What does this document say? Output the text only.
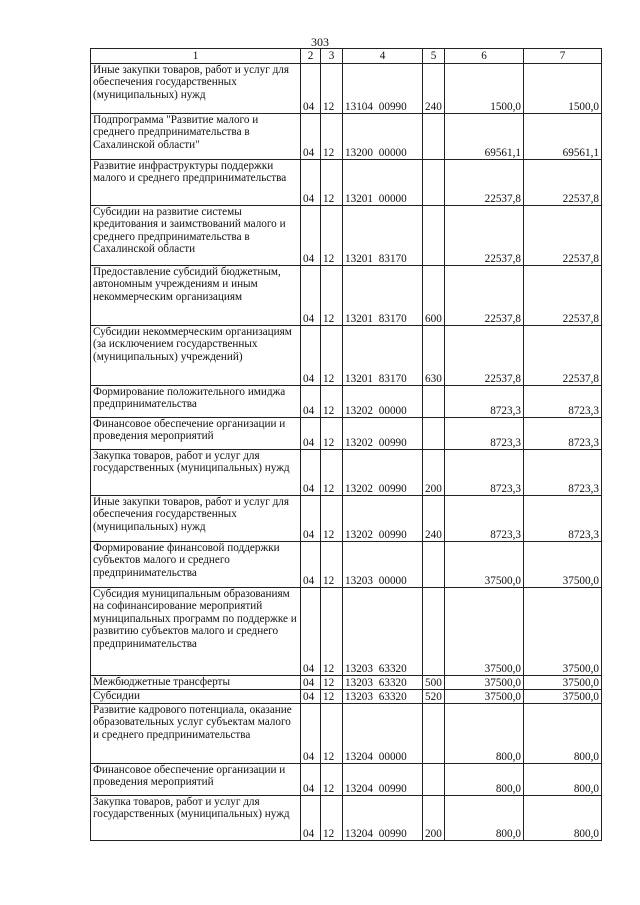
303
1	2	3	4	5	6	7
Иные закупки товаров, работ и услуг для обеспечения государственных (муниципальных) нужд	04	12	13104 00990	240	1500,0	1500,0
Подпрограмма "Развитие малого и среднего предпринимательства в Сахалинской области"	04	12	13200 00000		69561,1	69561,1
Развитие инфраструктуры поддержки малого и среднего предпринимательства	04	12	13201 00000		22537,8	22537,8
Субсидии на развитие системы кредитования и заимствований малого и среднего предпринимательства в Сахалинской области	04	12	13201 83170		22537,8	22537,8
Предоставление субсидий бюджетным, автономным учреждениям и иным некоммерческим организациям	04	12	13201 83170	600	22537,8	22537,8
Субсидии некоммерческим организациям (за исключением государственных (муниципальных) учреждений)	04	12	13201 83170	630	22537,8	22537,8
Формирование положительного имиджа предпринимательства	04	12	13202 00000		8723,3	8723,3
Финансовое обеспечение организации и проведения мероприятий	04	12	13202 00990		8723,3	8723,3
Закупка товаров, работ и услуг для государственных (муниципальных) нужд	04	12	13202 00990	200	8723,3	8723,3
Иные закупки товаров, работ и услуг для обеспечения государственных (муниципальных) нужд	04	12	13202 00990	240	8723,3	8723,3
Формирование финансовой поддержки субъектов малого и среднего предпринимательства	04	12	13203 00000		37500,0	37500,0
Субсидия муниципальным образованиям на софинансирование мероприятий муниципальных программ по поддержке и развитию субъектов малого и среднего предпринимательства	04	12	13203 63320		37500,0	37500,0
Межбюджетные трансферты	04	12	13203 63320	500	37500,0	37500,0
Субсидии	04	12	13203 63320	520	37500,0	37500,0
Развитие кадрового потенциала, оказание образовательных услуг субъектам малого и среднего предпринимательства	04	12	13204 00000		800,0	800,0
Финансовое обеспечение организации и проведения мероприятий	04	12	13204 00990		800,0	800,0
Закупка товаров, работ и услуг для государственных (муниципальных) нужд	04	12	13204 00990	200	800,0	800,0
